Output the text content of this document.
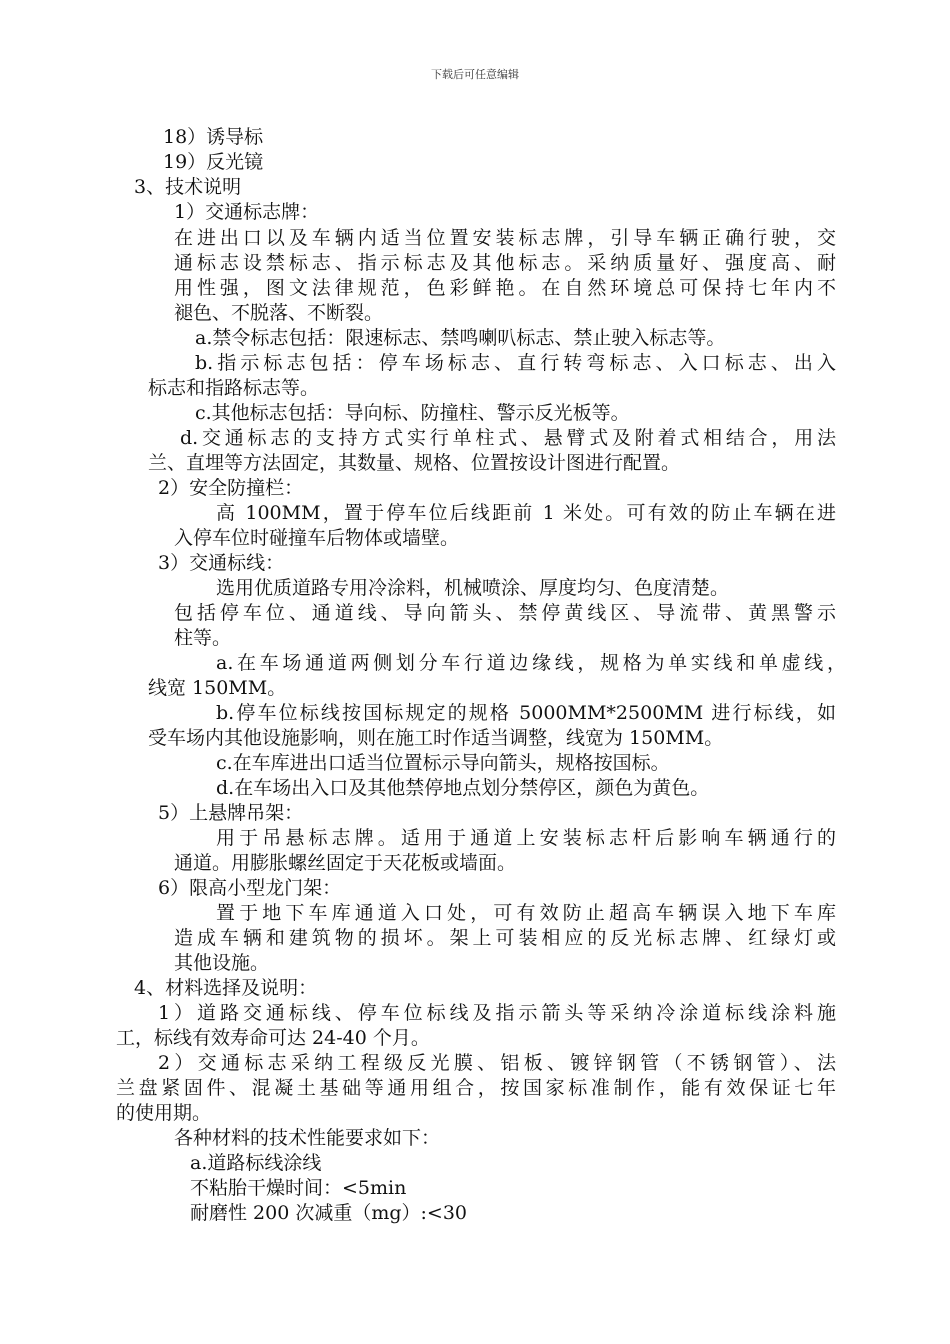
下载后可任意编辑
18）诱导标
19）反光镜
3、技术说明
1）交通标志牌：
在进出口以及车辆内适当位置安装标志牌，引导车辆正确行驶，交
通标志设禁标志、指示标志及其他标志。采纳质量好、强度高、耐
用性强，图文法律规范，色彩鲜艳。在自然环境总可保持七年内不
褪色、不脱落、不断裂。
a.禁令标志包括：限速标志、禁鸣喇叭标志、禁止驶入标志等。
b.指示标志包括：停车场标志、直行转弯标志、入口标志、出入
标志和指路标志等。
c.其他标志包括：导向标、防撞柱、警示反光板等。
d.交通标志的支持方式实行单柱式、悬臂式及附着式相结合，用法
兰、直埋等方法固定，其数量、规格、位置按设计图进行配置。
2）安全防撞栏：
高 100MM，置于停车位后线距前 1 米处。可有效的防止车辆在进
入停车位时碰撞车后物体或墙壁。
3）交通标线：
选用优质道路专用冷涂料，机械喷涂、厚度均匀、色度清楚。
包括停车位、通道线、导向箭头、禁停黄线区、导流带、黄黑警示
柱等。
a.在车场通道两侧划分车行道边缘线，规格为单实线和单虚线，
线宽 150MM。
b.停车位标线按国标规定的规格 5000MM*2500MM 进行标线，如
受车场内其他设施影响，则在施工时作适当调整，线宽为 150MM。
c.在车库进出口适当位置标示导向箭头，规格按国标。
d.在车场出入口及其他禁停地点划分禁停区，颜色为黄色。
5）上悬牌吊架：
用于吊悬标志牌。适用于通道上安装标志杆后影响车辆通行的
通道。用膨胀螺丝固定于天花板或墙面。
6）限高小型龙门架：
置于地下车库通道入口处，可有效防止超高车辆误入地下车库
造成车辆和建筑物的损坏。架上可装相应的反光标志牌、红绿灯或
其他设施。
4、材料选择及说明：
1）道路交通标线、停车位标线及指示箭头等采纳冷涂道标线涂料施
工，标线有效寿命可达 24-40 个月。
2）交通标志采纳工程级反光膜、铝板、镀锌钢管（不锈钢管）、法
兰盘紧固件、混凝土基础等通用组合，按国家标准制作，能有效保证七年
的使用期。
各种材料的技术性能要求如下：
a.道路标线涂线
不粘胎干燥时间：<5min
耐磨性 200 次减重（mg）:<30
